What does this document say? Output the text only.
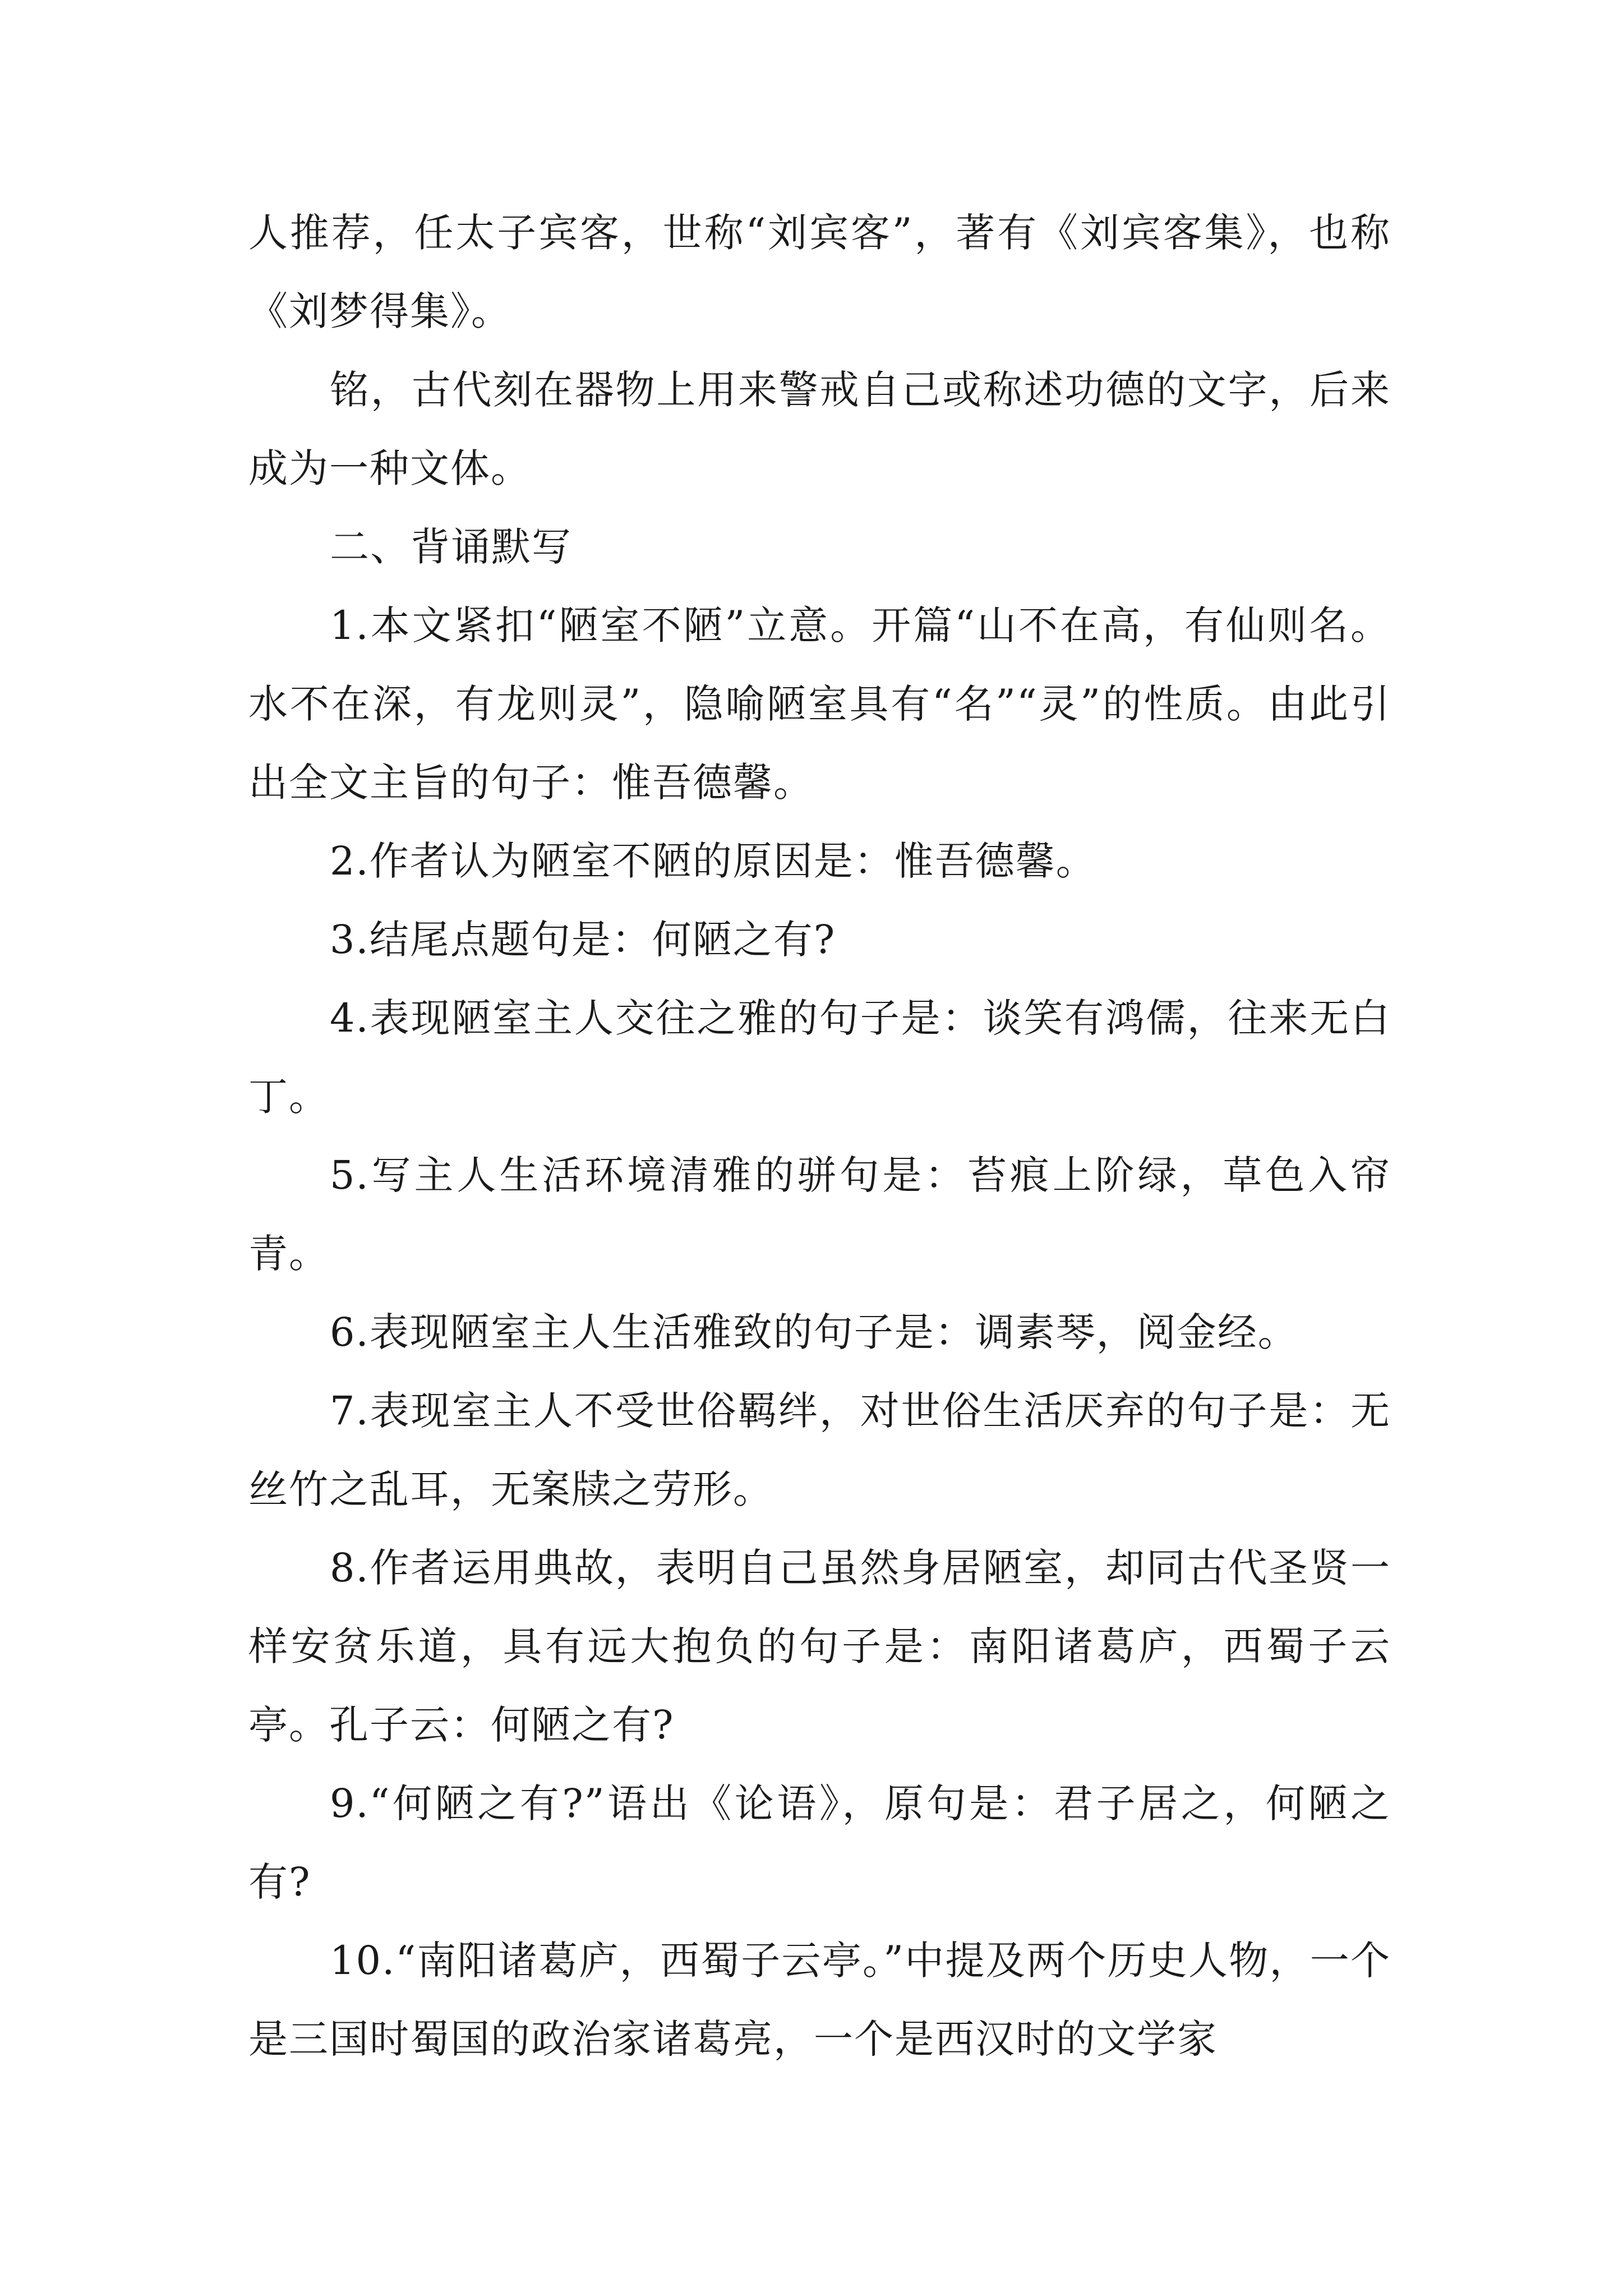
人推荐，任太子宾客，世称“刘宾客”，著有《刘宾客集》，也称《刘梦得集》。

铭，古代刻在器物上用来警戒自己或称述功德的文字，后来成为一种文体。

二、背诵默写

1.本文紧扣“陋室不陋”立意。开篇“山不在高，有仙则名。水不在深，有龙则灵”，隐喻陋室具有“名”“灵”的性质。由此引出全文主旨的句子：惟吾德馨。

2.作者认为陋室不陋的原因是：惟吾德馨。

3.结尾点题句是：何陋之有?

4.表现陋室主人交往之雅的句子是：谈笑有鸿儒，往来无白丁。

5.写主人生活环境清雅的骈句是：苔痕上阶绿，草色入帘青。

6.表现陋室主人生活雅致的句子是：调素琴，阅金经。

7.表现室主人不受世俗羁绊，对世俗生活厌弃的句子是：无丝竹之乱耳，无案牍之劳形。

8.作者运用典故，表明自己虽然身居陋室，却同古代圣贤一样安贫乐道，具有远大抱负的句子是：南阳诸葛庐，西蜀子云亭。孔子云：何陋之有?

9.“何陋之有?”语出《论语》，原句是：君子居之，何陋之有?

10.“南阳诸葛庐，西蜀子云亭。”中提及两个历史人物，一个是三国时蜀国的政治家诸葛亮，一个是西汉时的文学家
